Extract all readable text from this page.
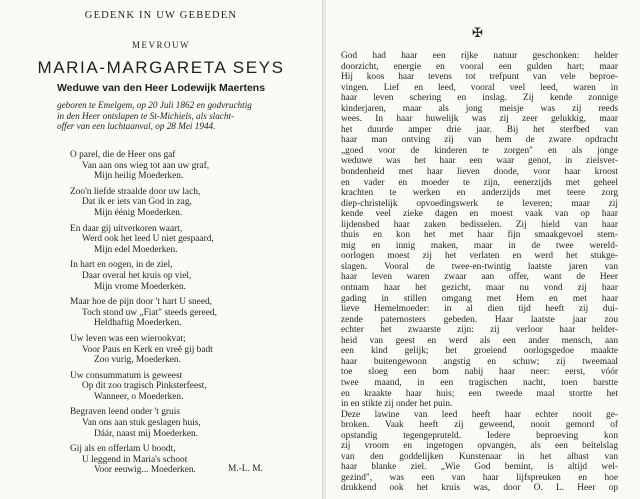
GEDENK IN UW GEBEDEN
MEVROUW
MARIA-MARGARETA SEYS
Weduwe van den Heer Lodewijk Maertens
geboren te Emelgem, op 20 Juli 1862 en godvruchtig
in den Heer ontslapen te St-Michiels, als slacht-
offer van een luchtaanval, op 28 Mei 1944.
O parel, die de Heer ons gaf
Van aan ons wieg tot aan uw graf,
Mijn heilig Moederken.
Zoo'n liefde straalde door uw lach,
Dat ik er iets van God in zag,
Mijn éénig Moederken.
En daar gij uitverkoren waart,
Werd ook het leed U niet gespaard,
Mijn edel Moederken.
In hart en oogen, in de ziel,
Daar overal het kruis op viel,
Mijn vrome Moederken.
Maar hoe de pijn door 't hart U sneed,
Toch stond uw „Fiat" steeds gereed,
Heldhaftig Moederken.
Uw leven was een wierookvat;
Voor Paus en Kerk en vreê gij badt
Zoo vurig, Moederken.
Uw consummatum is geweest
Op dit zoo tragisch Pinksterfeest,
Wanneer, o Moederken.
Begraven leend onder 't gruis
Van ons aan stuk geslagen huis,
Dáár, naast mij Moederken.
Gij als en offerlam U boodt,
U leggend in Maria's schoot
Voor eeuwig... Moederken.	M.-L. M.
✠
God had haar een rijke natuur geschonken: helder
doorzicht, energie en vooral een gulden hart; maar
Hij koos haar tevens tot trefpunt van vele beproe-
vingen. Lief en leed, vooral veel leed, waren in
haar leven schering en inslag. Zij kende zonnige
kinderjaren, maar als jong meisje was zij reeds
wees. In haar huwelijk was zij zeer gelukkig, maar
het duurde amper drie jaar. Bij het sterfbed van
haar man ontving zij van hem de zware opdracht
„goed voor de kinderen te zorgen" en als jonge
weduwe was het haar een waar genot, in zielsver-
bondenheid met haar lieven doode, voor haar kroost
en vader en moeder te zijn, eenerzijds met geheel
krachten te werken en anderzijds met teere zorg
diep-christelijk opvoedingswerk te leveren; maar zij
kende veel zieke dagen en moest vaak van op haar
lijdensbed haar zaken bedisselen. Zij hield van haar
thuis en kon het met haar fijn smaakgevoel stem-
mig en innig maken, maar in de twee wereld-
oorlogen moest zij het verlaten en werd het stukge-
slagen. Vooral de twee-en-twintig laatste jaren van
haar leven waren zwaar aan offer, want de Heer
ontnam haar het gezicht, maar nu vond zij haar
gading in stillen omgang met Hem en met haar
lieve Hemelmoeder: in al dien tijd heeft zij dui-
zende paternosters gebeden. Haar laatste jaar zou
echter het zwaarste zijn: zij verloor haar helder-
heid van geest en werd als een ander mensch, aan
een kind gelijk; het groeiend oorlogsgedoe maakte
haar buitengewoon angstig en schuw; zij tweemaal
toe sloeg een bom nabij haar neer: eerst, vóór
twee maand, in een tragischen nacht, toen barstte
en kraakte haar huis; een tweede maal stortte het
in en stikte zij onder het puin.
Deze lawine van leed heeft haar echter nooit ge-
broken. Vaak heeft zij geweend, nooit gemord of
opstandig tegengepruteld. Iedere beproeving kon
zij vroom en ingetogen opvangen, als een beitelslag
van den goddelijken Kunstenaar in het albast van
haar blanke ziel. „Wie God bemint, is altijd wel-
gezind", was een van haar lijfspreuken en hoe
drukkend ook het kruis was, door O. L. Heer op
